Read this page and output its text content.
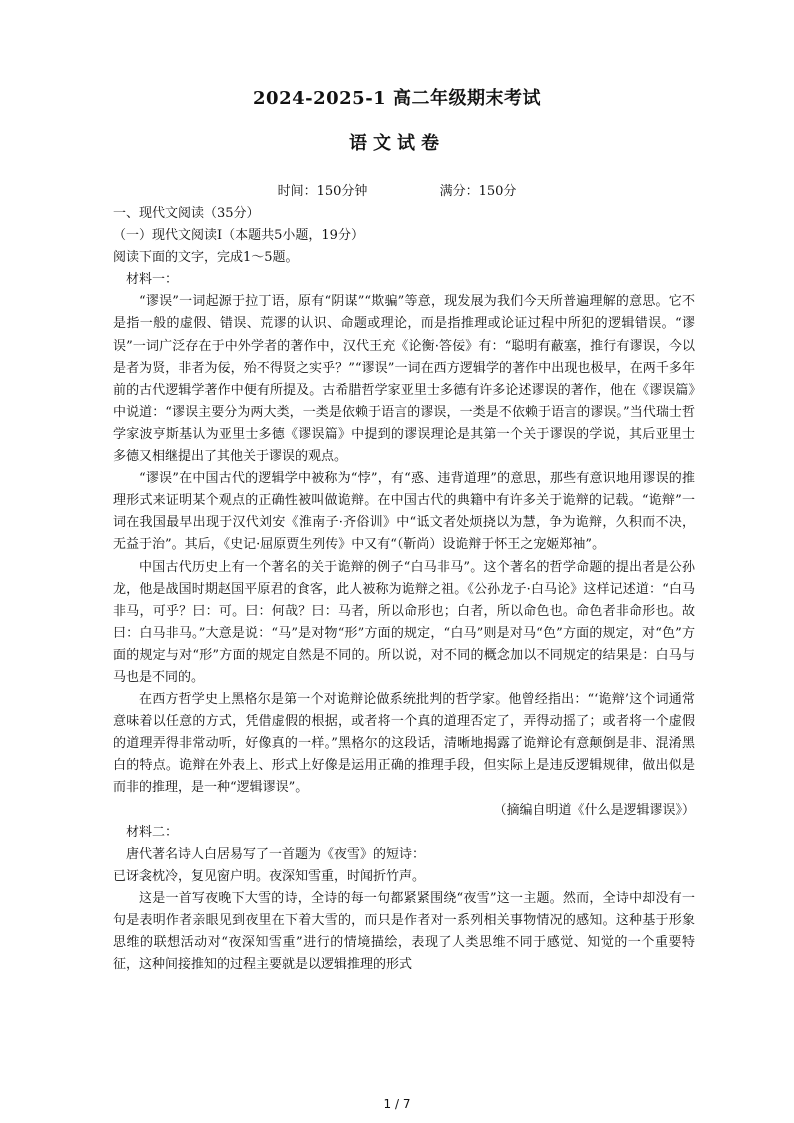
2024-2025-1 高二年级期末考试
语文试卷
时间：150分钟	满分：150分

一、现代文阅读（35分）

（一）现代文阅读Ⅰ（本题共5小题，19分）

阅读下面的文字，完成1～5题。

材料一：

“谬误”一词起源于拉丁语，原有“阴谋”“欺骗”等意，现发展为我们今天所普遍理解的意思。它不是指一般的虚假、错误、荒谬的认识、命题或理论，而是指推理或论证过程中所犯的逻辑错误。“谬误”一词广泛存在于中外学者的著作中，汉代王充《论衡·答佞》有：“聪明有蔽塞，推行有谬误，今以是者为贤，非者为佞，殆不得贤之实乎？”“谬误”一词在西方逻辑学的著作中出现也极早，在两千多年前的古代逻辑学著作中便有所提及。古希腊哲学家亚里士多德有许多论述谬误的著作，他在《谬误篇》中说道：“谬误主要分为两大类，一类是依赖于语言的谬误，一类是不依赖于语言的谬误。”当代瑞士哲学家波亨斯基认为亚里士多德《谬误篇》中提到的谬误理论是其第一个关于谬误的学说，其后亚里士多德又相继提出了其他关于谬误的观点。

“谬误”在中国古代的逻辑学中被称为“悖”，有“惑、违背道理”的意思，那些有意识地用谬误的推理形式来证明某个观点的正确性被叫做诡辩。在中国古代的典籍中有许多关于诡辩的记载。“诡辩”一词在我国最早出现于汉代刘安《淮南子·齐俗训》中“诋文者处烦挠以为慧，争为诡辩，久积而不决，无益于治”。其后，《史记·屈原贾生列传》中又有“（靳尚）设诡辩于怀王之宠姬郑袖”。

中国古代历史上有一个著名的关于诡辩的例子“白马非马”。这个著名的哲学命题的提出者是公孙龙，他是战国时期赵国平原君的食客，此人被称为诡辩之祖。《公孙龙子·白马论》这样记述道：“白马非马，可乎？曰：可。曰：何哉？曰：马者，所以命形也；白者，所以命色也。命色者非命形也。故曰：白马非马。”大意是说：“马”是对物“形”方面的规定，“白马”则是对马“色”方面的规定，对“色”方面的规定与对“形”方面的规定自然是不同的。所以说，对不同的概念加以不同规定的结果是：白马与马也是不同的。

在西方哲学史上黑格尔是第一个对诡辩论做系统批判的哲学家。他曾经指出：“‘诡辩’这个词通常意味着以任意的方式，凭借虚假的根据，或者将一个真的道理否定了，弄得动摇了；或者将一个虚假的道理弄得非常动听，好像真的一样。”黑格尔的这段话，清晰地揭露了诡辩论有意颠倒是非、混淆黑白的特点。诡辩在外表上、形式上好像是运用正确的推理手段，但实际上是违反逻辑规律，做出似是而非的推理，是一种“逻辑谬误”。

（摘编自明道《什么是逻辑谬误》）

材料二：

唐代著名诗人白居易写了一首题为《夜雪》的短诗：

已讶衾枕冷，复见窗户明。夜深知雪重，时闻折竹声。

这是一首写夜晚下大雪的诗，全诗的每一句都紧紧围绕“夜雪”这一主题。然而，全诗中却没有一句是表明作者亲眼见到夜里在下着大雪的，而只是作者对一系列相关事物情况的感知。这种基于形象思维的联想活动对“夜深知雪重”进行的情境描绘，表现了人类思维不同于感觉、知觉的一个重要特征，这种间接推知的过程主要就是以逻辑推理的形式

1 / 7
